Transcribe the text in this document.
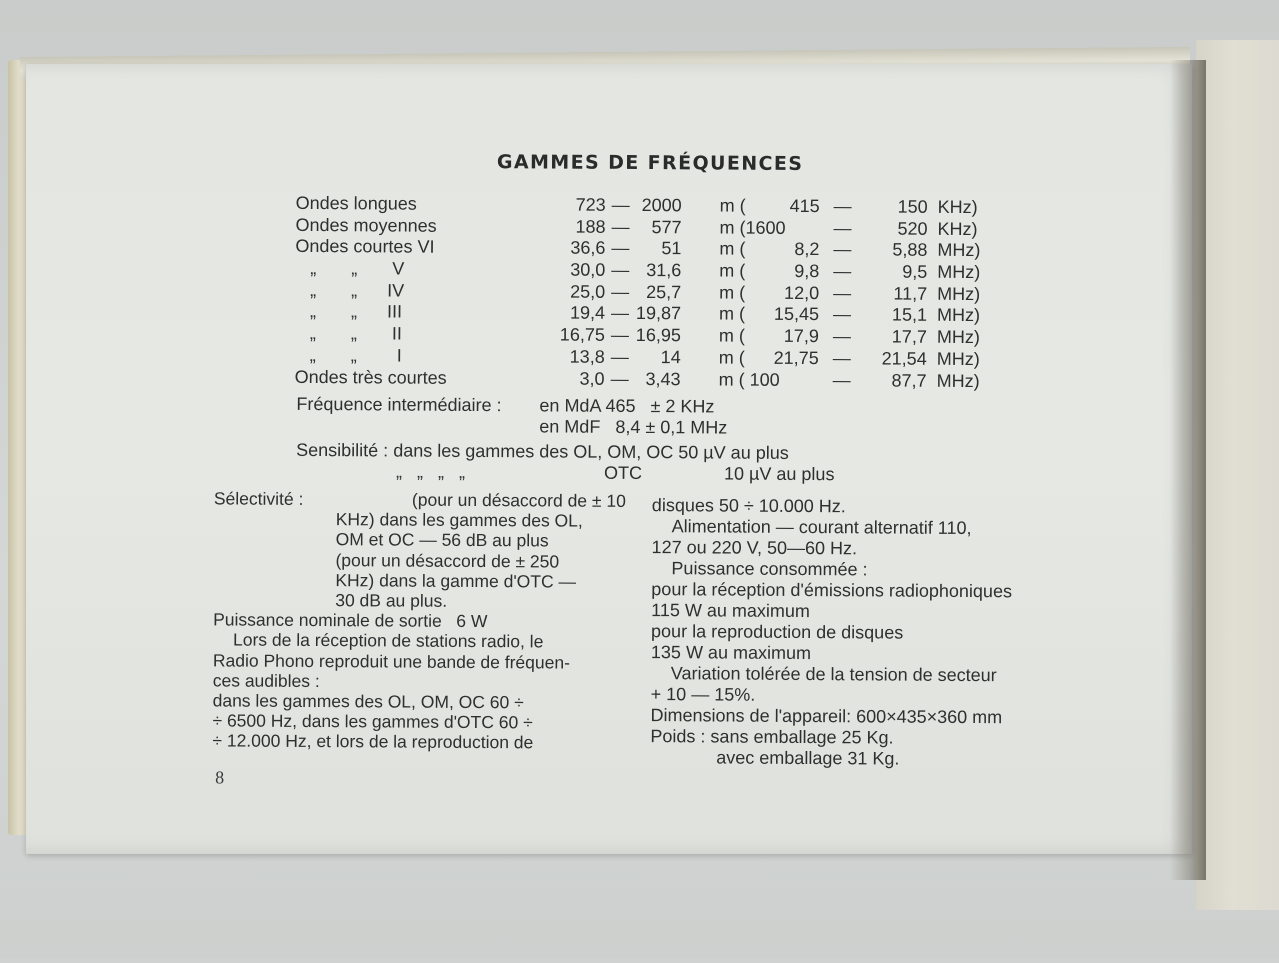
GAMMES DE FRÉQUENCES
Ondes longues	723 — 2000 m (	415 —	150 KHz)
Ondes moyennes	188 —	577 m (1600	—	520 KHz)
Ondes courtes VI	36,6 —	51 m (	8,2 —	5,88 MHz)
„       „       V	30,0 — 31,6 m (	9,8 —	9,5 MHz)
„       „      IV	25,0 — 25,7 m (	12,0 —	11,7 MHz)
„       „      III	19,4 — 19,87 m (	15,45 —	15,1 MHz)
„       „       II	16,75 — 16,95 m (	17,9 —	17,7 MHz)
„       „        I	13,8 —	14 m (	21,75 —	21,54 MHz)
Ondes très courtes	3,0 — 3,43 m ( 100	—	87,7 MHz)
Fréquence intermédiaire : en MdA 465   ± 2 KHz
en MdF   8,4 ± 0,1 MHz
Sensibilité : dans les gammes des OL, OM, OC 50 µV au plus
„   „   „   „	OTC	10 µV au plus
Sélectivité :	(pour un désaccord de ± 10
KHz) dans les gammes des OL,
OM et OC — 56 dB au plus
(pour un désaccord de ± 250
KHz) dans la gamme d'OTC —
30 dB au plus.
Puissance nominale de sortie   6 W
Lors de la réception de stations radio, le
Radio Phono reproduit une bande de fréquen-
ces audibles :
dans les gammes des OL, OM, OC 60 ÷
÷ 6500 Hz, dans les gammes d'OTC 60 ÷
÷ 12.000 Hz, et lors de la reproduction de
disques 50 ÷ 10.000 Hz.
Alimentation — courant alternatif 110,
127 ou 220 V, 50—60 Hz.
Puissance consommée :
pour la réception d'émissions radiophoniques
115 W au maximum
pour la reproduction de disques
135 W au maximum
Variation tolérée de la tension de secteur
+ 10 — 15%.
Dimensions de l'appareil: 600×435×360 mm
Poids : sans emballage 25 Kg.
avec emballage 31 Kg.
8
